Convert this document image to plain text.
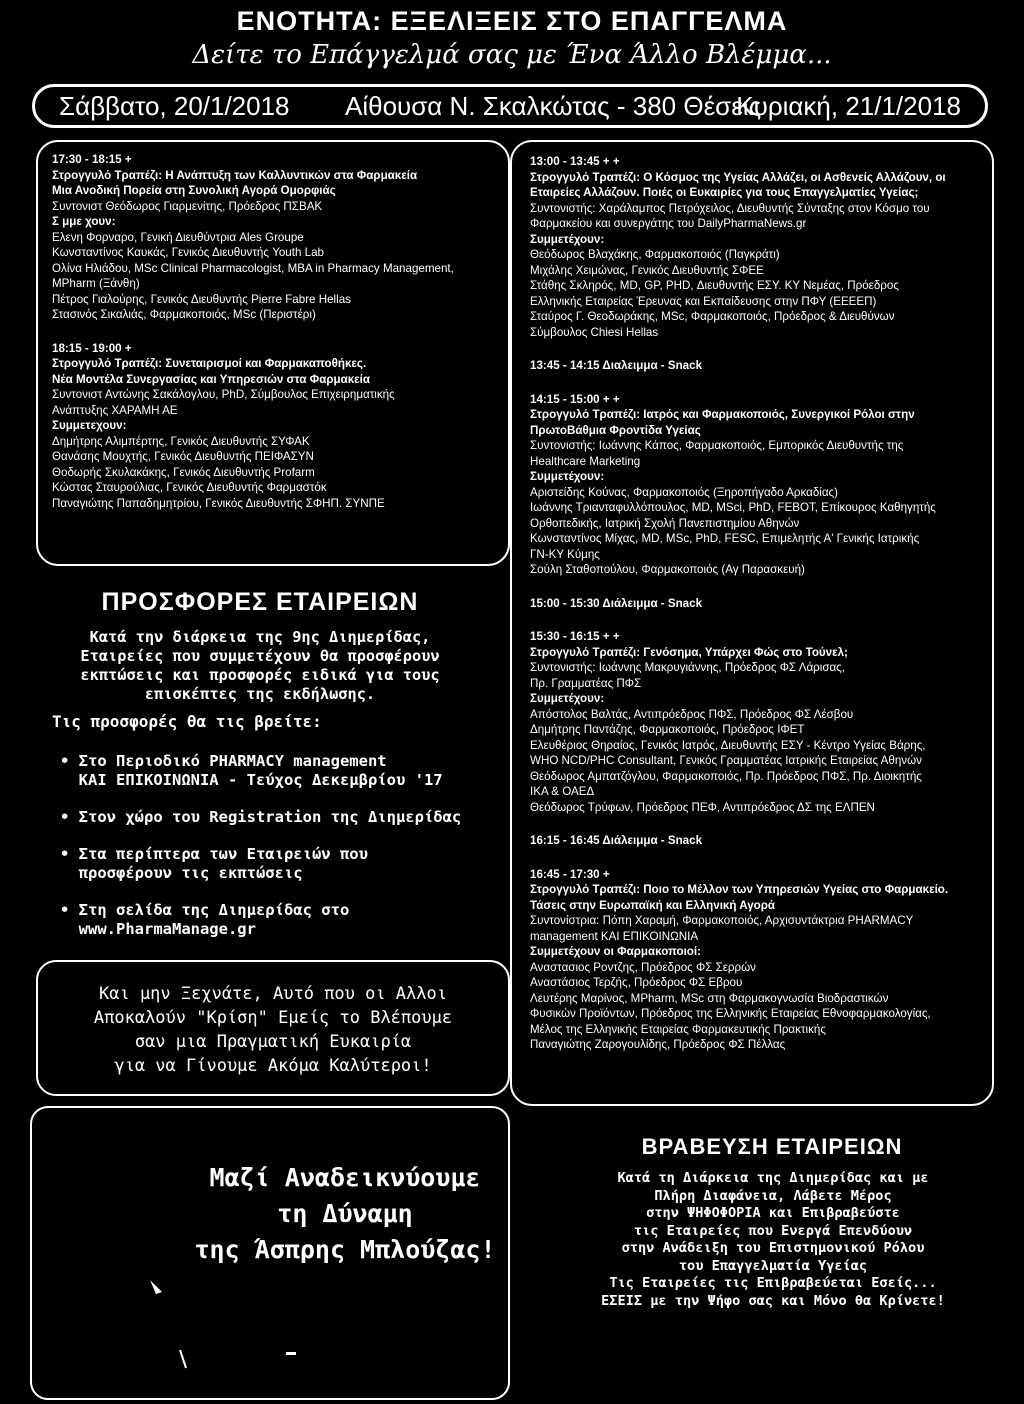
ΕΝΟΤΗΤΑ: ΕΞΕΛΙΞΕΙΣ ΣΤΟ ΕΠΑΓΓΕΛΜΑ
Δείτε το Επάγγελμά σας με Ένα Άλλο Βλέμμα...
Σάββατο, 20/1/2018 Αίθουσα Ν. Σκαλκώτας - 380 Θέσεις
Κυριακή, 21/1/2018
17:30 - 18:15 +
Στρογγυλό Τραπέζι: Η Ανάπτυξη των Καλλυντικών στα Φαρμακεία
Μια Ανοδική Πορεία στη Συνολική Αγορά Ομορφιάς
Συντονιστ Θεόδωρος Γιαρμενίτης, Πρόεδρος ΠΣΒΑΚ
Σ μμε χουν:
Ελενη Φορναρο, Γενική Διευθύντρια Ales Groupe
Κωνσταντίνος Καυκάς, Γενικός Διευθυντής Youth Lab
Ολίνα Ηλιάδου, MSc Clinical Pharmacologist, MBA in Pharmacy Management,
MPharm (Ξάνθη)
Πέτρος Γιαλούρης, Γενικός Διευθυντής Pierre Fabre Hellas
Στασινός Σικαλιάς, Φαρμακοποιός, MSc (Περιστέρι)
18:15 - 19:00 +
Στρογγυλό Τραπέζι: Συνεταιρισμοί και Φαρμακαποθήκες.
Νέα Μοντέλα Συνεργασίας και Υπηρεσιών στα Φαρμακεία
Συντονιστ Αντώνης Σακάλογλου, PhD, Σύμβουλος Επιχειρηματικής
Ανάπτυξης ΧΑΡΑΜΗ ΑΕ
Συμμετεχουν:
Δημήτρης Αλιμπέρτης, Γενικός Διευθυντής ΣΥΦΑΚ
Θανάσης Μουχτής, Γενικός Διευθυντής ΠΕΙΦΑΣΥΝ
Θοδωρής Σκυλακάκης, Γενικός Διευθυντής Profarm
Κώστας Σταυρούλιας, Γενικός Διευθυντής Φαρμαστόκ
Παναγιώτης Παπαδημητρίου, Γενικός Διευθυντής ΣΦΗΠ. ΣΥΝΠΕ
13:00 - 13:45 + +
Στρογγυλό Τραπέζι: Ο Κόσμος της Υγείας Αλλάζει, οι Ασθενείς Αλλάζουν, οι
Εταιρείες Αλλάζουν. Ποιές οι Ευκαιρίες για τους Επαγγελματίες Υγείας;
Συντονιστής: Χαράλαμπος Πετρόχειλος, Διευθυντής Σύνταξης στον Κόσμο του
Φαρμακείου και συνεργάτης του DailyPharmaNews.gr
Συμμετέχουν:
Θεόδωρος Βλαχάκης, Φαρμακοποιός (Παγκράτι)
Μιχάλης Χειμώνας, Γενικός Διευθυντής ΣΦΕΕ
Στάθης Σκληρός, MD, GP, PHD, Διευθυντής ΕΣΥ. ΚΥ Νεμέας, Πρόεδρος
Ελληνικής Εταιρείας Έρευνας και Εκπαίδευσης στην ΠΦΥ (ΕΕΕΕΠ)
Σταύρος Γ. Θεοδωράκης, MSc, Φαρμακοποιός, Πρόεδρος & Διευθύνων
Σύμβουλος Chiesi Hellas
13:45 - 14:15 Διαλειμμα - Snack
14:15 - 15:00 + +
Στρογγυλό Τραπέζι: Ιατρός και Φαρμακοποιός, Συνεργικοί Ρόλοι στην
ΠρωτοΒάθμια Φροντίδα Υγείας
Συντονιστής: Ιωάννης Κάπος, Φαρμακοποιός, Εμπορικός Διευθυντής της
Healthcare Marketing
Συμμετέχουν:
Αριστείδης Κούνας, Φαρμακοποιός (Ξηροπήγαδο Αρκαδίας)
Ιωάννης Τριανταφυλλόπουλος, MD, MSci, PhD, FEBOT, Επίκουρος Καθηγητής
Ορθοπεδικής, Ιατρική Σχολή Πανεπιστημίου Αθηνών
Κωνσταντίνος Μίχας, MD, MSc, PhD, FESC, Επιμελητής Α' Γενικής Ιατρικής
ΓΝ-ΚΥ Κύμης
Σούλη Σταθοπούλου, Φαρμακοποιός (Αγ Παρασκευή)
15:00 - 15:30 Διάλειμμα - Snack
15:30 - 16:15 + +
Στρογγυλό Τραπέζι: Γενόσημα, Υπάρχει Φώς στο Τούνελ;
Συντονιστής: Ιωάννης Μακρυγιάννης, Πρόεδρος ΦΣ Λάρισας,
Πρ. Γραμματέας ΠΦΣ
Συμμετέχουν:
Απόστολος Βαλτάς, Αντιπρόεδρος ΠΦΣ, Πρόεδρος ΦΣ Λέσβου
Δημήτρης Παντάζης, Φαρμακοποιός, Πρόεδρος ΙΦΕΤ
Ελευθέριος Θηραίος, Γενικός Ιατρός, Διευθυντής ΕΣΥ - Κέντρο Υγείας Βάρης,
WHO NCD/PHC Consultant, Γενικός Γραμματέας Ιατρικής Εταιρείας Αθηνών
Θεόδωρος Αμπατζόγλου, Φαρμακοποιός, Πρ. Πρόεδρος ΠΦΣ, Πρ. Διοικητής
ΙΚΑ & ΟΑΕΔ
Θεόδωρος Τρύφων, Πρόεδρος ΠΕΦ, Αντιπρόεδρος ΔΣ της ΕΛΠΕΝ
16:15 - 16:45 Διάλειμμα - Snack
16:45 - 17:30 +
Στρογγυλό Τραπέζι: Ποιο το Μέλλον των Υπηρεσιών Υγείας στο Φαρμακείο.
Τάσεις στην Ευρωπαϊκή και Ελληνική Αγορά
Συντονίστρια: Πόπη Χαραμή, Φαρμακοποιός, Αρχισυντάκτρια PHARMACY
management ΚΑΙ ΕΠΙΚΟΙΝΩΝΙΑ
Συμμετέχουν οι Φαρμακοποιοί:
Αναστασιος Ροντζης, Πρόεδρος ΦΣ Σερρών
Αναστάσιος Τερζής, Πρόεδρος ΦΣ Εβρου
Λευτέρης Μαρίνος, MPharm, MSc στη Φαρμακογνωσία Βιοδραστικών
Φυσικών Προϊόντων, Πρόεδρος της Ελληνικής Εταιρείας Εθνοφαρμακολογίας,
Μέλος της Ελληνικής Εταιρείας Φαρμακευτικής Πρακτικής
Παναγιώτης Ζαρογουλίδης, Πρόεδρος ΦΣ Πέλλας
ΠΡΟΣΦΟΡΕΣ ΕΤΑΙΡΕΙΩΝ
Κατά την διάρκεια της 9ης Διημερίδας,
Εταιρείες που συμμετέχουν θα προσφέρουν
εκπτώσεις και προσφορές ειδικά για τους
επισκέπτες της εκδήλωσης.
Τις προσφορές θα τις βρείτε:
• Στο Περιοδικό PHARMACY management
ΚΑΙ ΕΠΙΚΟΙΝΩΝΙΑ - Τεύχος Δεκεμβρίου '17
• Στον χώρο του Registration της Διημερίδας
• Στα περίπτερα των Εταιρειών που
προσφέρουν τις εκπτώσεις
• Στη σελίδα της Διημερίδας στο
www.PharmaManage.gr
Και μην Ξεχνάτε, Αυτό που οι Αλλοι
Αποκαλούν "Κρίση" Εμείς το Βλέπουμε
σαν μια Πραγματική Ευκαιρία
για να Γίνουμε Ακόμα Καλύτεροι!
Μαζί Αναδεικνύουμε
τη Δύναμη
της Άσπρης Μπλούζας!
ΒΡΑΒΕΥΣΗ ΕΤΑΙΡΕΙΩΝ
Κατά τη Διάρκεια της Διημερίδας και με
Πλήρη Διαφάνεια, Λάβετε Μέρος
στην ΨΗΦΟΦΟΡΙΑ και Επιβραβεύστε
τις Εταιρείες που Ενεργά Επενδύουν
στην Ανάδειξη του Επιστημονικού Ρόλου
του Επαγγελματία Υγείας
Τις Εταιρείες τις Επιβραβεύεται Εσείς...
ΕΣΕΙΣ με την Ψήφο σας και Μόνο θα Κρίνετε!
